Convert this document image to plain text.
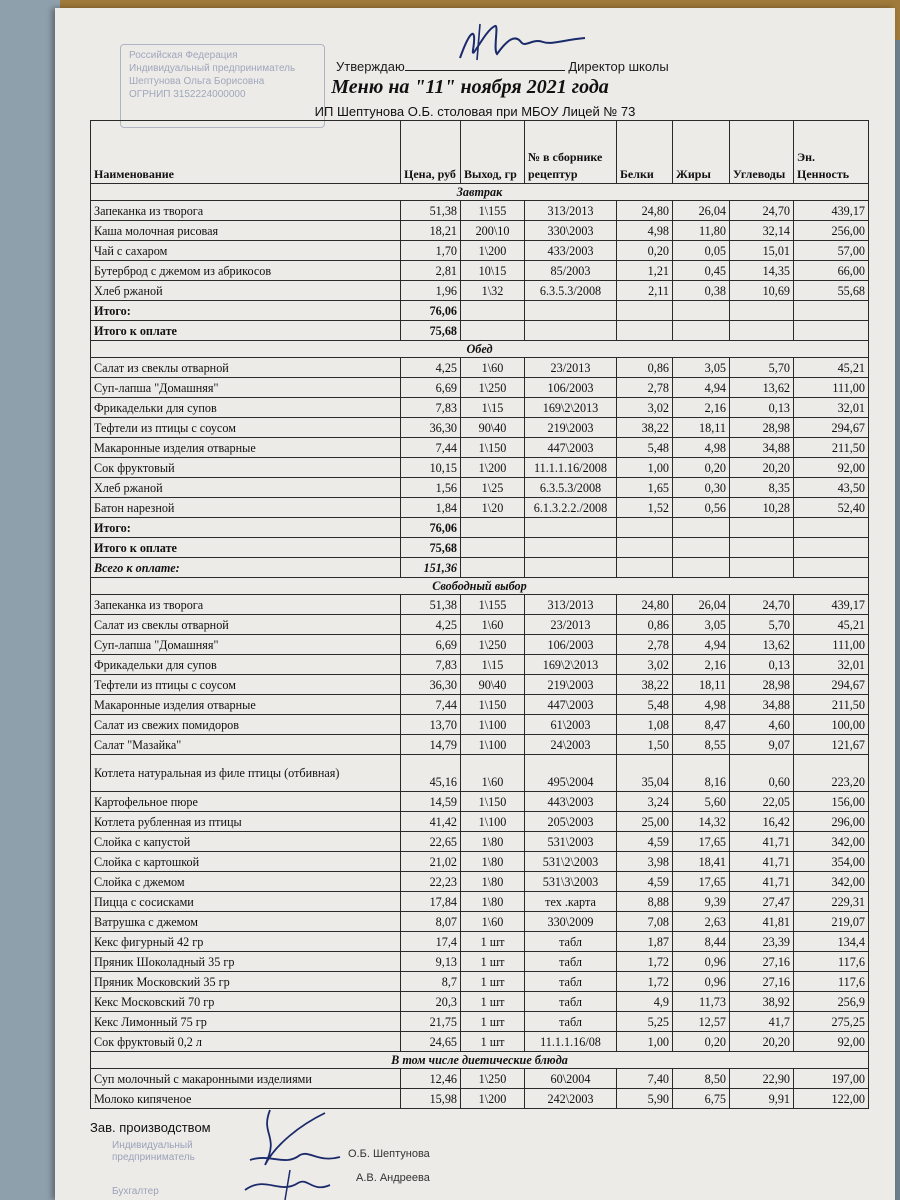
Российская Федерация
Индивидуальный предприниматель
Шептунова Ольга Борисовна
ОГРНИП 3152224000000
Утверждаю	Директор школы
Меню на "11" ноября 2021 года
ИП Шептунова О.Б. столовая при МБОУ Лицей № 73
Наименование	Цена, руб	Выход, гр	№ в сборнике рецептур	Белки	Жиры	Углеводы	Эн. Ценность
Завтрак							
Запеканка из творога	51,38	1\155	313/2013	24,80	26,04	24,70	439,17
Каша молочная рисовая	18,21	200\10	330\2003	4,98	11,80	32,14	256,00
Чай с сахаром	1,70	1\200	433/2003	0,20	0,05	15,01	57,00
Бутерброд с джемом из абрикосов	2,81	10\15	85/2003	1,21	0,45	14,35	66,00
Хлеб ржаной	1,96	1\32	6.3.5.3/2008	2,11	0,38	10,69	55,68
Итого:	76,06						
Итого к оплате	75,68						
Обед							
Салат из свеклы отварной	4,25	1\60	23/2013	0,86	3,05	5,70	45,21
Суп-лапша "Домашняя"	6,69	1\250	106/2003	2,78	4,94	13,62	111,00
Фрикадельки для супов	7,83	1\15	169\2\2013	3,02	2,16	0,13	32,01
Тефтели из птицы с соусом	36,30	90\40	219\2003	38,22	18,11	28,98	294,67
Макаронные изделия отварные	7,44	1\150	447\2003	5,48	4,98	34,88	211,50
Сок фруктовый	10,15	1\200	11.1.1.16/2008	1,00	0,20	20,20	92,00
Хлеб ржаной	1,56	1\25	6.3.5.3/2008	1,65	0,30	8,35	43,50
Батон нарезной	1,84	1\20	6.1.3.2.2./2008	1,52	0,56	10,28	52,40
Итого:	76,06						
Итого к оплате	75,68						
Всего к оплате:	151,36						
Свободный выбор							
Запеканка из творога	51,38	1\155	313/2013	24,80	26,04	24,70	439,17
Салат из свеклы отварной	4,25	1\60	23/2013	0,86	3,05	5,70	45,21
Суп-лапша "Домашняя"	6,69	1\250	106/2003	2,78	4,94	13,62	111,00
Фрикадельки для супов	7,83	1\15	169\2\2013	3,02	2,16	0,13	32,01
Тефтели из птицы с соусом	36,30	90\40	219\2003	38,22	18,11	28,98	294,67
Макаронные изделия отварные	7,44	1\150	447\2003	5,48	4,98	34,88	211,50
Салат из свежих помидоров	13,70	1\100	61\2003	1,08	8,47	4,60	100,00
Салат "Мазайка"	14,79	1\100	24\2003	1,50	8,55	9,07	121,67
Котлета натуральная из филе птицы (отбивная)	45,16	1\60	495\2004	35,04	8,16	0,60	223,20
Картофельное пюре	14,59	1\150	443\2003	3,24	5,60	22,05	156,00
Котлета рубленная из птицы	41,42	1\100	205\2003	25,00	14,32	16,42	296,00
Слойка с капустой	22,65	1\80	531\2003	4,59	17,65	41,71	342,00
Слойка с картошкой	21,02	1\80	531\2\2003	3,98	18,41	41,71	354,00
Слойка с джемом	22,23	1\80	531\3\2003	4,59	17,65	41,71	342,00
Пицца с сосисками	17,84	1\80	тех .карта	8,88	9,39	27,47	229,31
Ватрушка с джемом	8,07	1\60	330\2009	7,08	2,63	41,81	219,07
Кекс фигурный 42 гр	17,4	1 шт	табл	1,87	8,44	23,39	134,4
Пряник Шоколадный 35 гр	9,13	1 шт	табл	1,72	0,96	27,16	117,6
Пряник Московский 35 гр	8,7	1 шт	табл	1,72	0,96	27,16	117,6
Кекс Московский 70 гр	20,3	1 шт	табл	4,9	11,73	38,92	256,9
Кекс Лимонный 75 гр	21,75	1 шт	табл	5,25	12,57	41,7	275,25
Сок фруктовый 0,2 л	24,65	1 шт	11.1.1.16/08	1,00	0,20	20,20	92,00
В том числе диетические блюда							
Суп молочный с макаронными изделиями	12,46	1\250	60\2004	7,40	8,50	22,90	197,00
Молоко кипяченое	15,98	1\200	242\2003	5,90	6,75	9,91	122,00
Зав. производством
Индивидуальный
предприниматель
Бухгалтер
О.Б. Шептунова
А.В. Андреева
